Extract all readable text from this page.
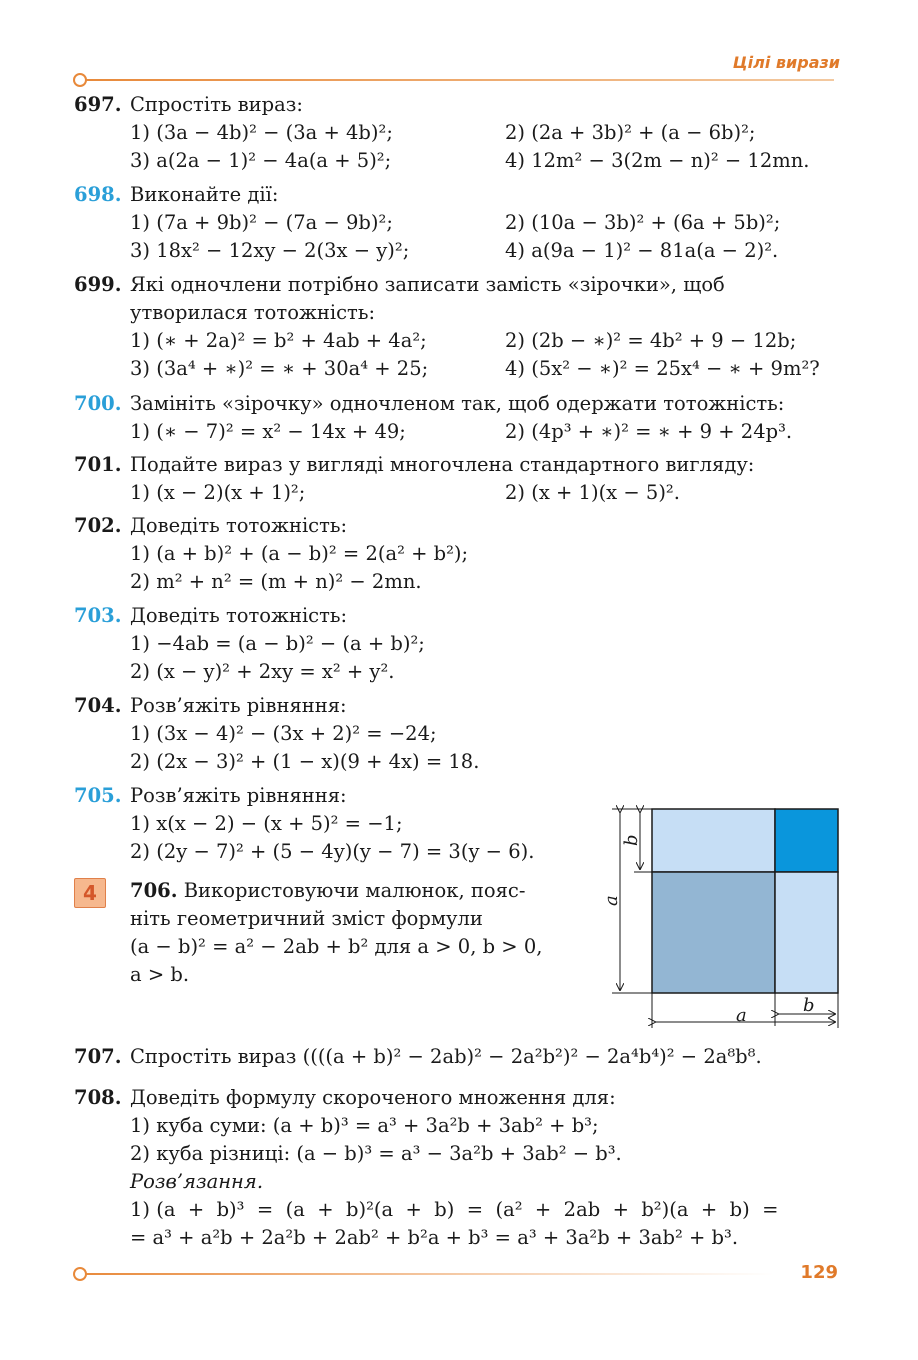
Цілі вирази
697. Спростіть вираз:
1) (3a − 4b)² − (3a + 4b)²;	2) (2a + 3b)² + (a − 6b)²;
3) a(2a − 1)² − 4a(a + 5)²;	4) 12m² − 3(2m − n)² − 12mn.
698. Виконайте дії:
1) (7a + 9b)² − (7a − 9b)²;	2) (10a − 3b)² + (6a + 5b)²;
3) 18x² − 12xy − 2(3x − y)²;	4) a(9a − 1)² − 81a(a − 2)².
699. Які одночлени потрібно записати замість «зірочки», щоб
утворилася тотожність:
1) (∗ + 2a)² = b² + 4ab + 4a²;	2) (2b − ∗)² = 4b² + 9 − 12b;
3) (3a⁴ + ∗)² = ∗ + 30a⁴ + 25;	4) (5x² − ∗)² = 25x⁴ − ∗ + 9m²?
700. Замініть «зірочку» одночленом так, щоб одержати тотожність:
1) (∗ − 7)² = x² − 14x + 49;	2) (4p³ + ∗)² = ∗ + 9 + 24p³.
701. Подайте вираз у вигляді многочлена стандартного вигляду:
1) (x − 2)(x + 1)²;	2) (x + 1)(x − 5)².
702. Доведіть тотожність:
1) (a + b)² + (a − b)² = 2(a² + b²);
2) m² + n² = (m + n)² − 2mn.
703. Доведіть тотожність:
1) −4ab = (a − b)² − (a + b)²;
2) (x − y)² + 2xy = x² + y².
704. Розв’яжіть рівняння:
1) (3x − 4)² − (3x + 2)² = −24;
2) (2x − 3)² + (1 − x)(9 + 4x) = 18.
705. Розв’яжіть рівняння:
1) x(x − 2) − (x + 5)² = −1;
2) (2y − 7)² + (5 − 4y)(y − 7) = 3(y − 6).
4	706. Використовуючи малюнок, пояс-
ніть геометричний зміст формули
(a − b)² = a² − 2ab + b² для a > 0, b > 0,
a > b.
b
a
a	b
707. Спростіть вираз ((((a + b)² − 2ab)² − 2a²b²)² − 2a⁴b⁴)² − 2a⁸b⁸.
708. Доведіть формулу скороченого множення для:
1) куба суми: (a + b)³ = a³ + 3a²b + 3ab² + b³;
2) куба різниці: (a − b)³ = a³ − 3a²b + 3ab² − b³.
Розв’язання.
1) (a  +  b)³  =  (a  +  b)²(a  +  b)  =  (a²  +  2ab  +  b²)(a  +  b)  =
= a³ + a²b + 2a²b + 2ab² + b²a + b³ = a³ + 3a²b + 3ab² + b³.
129
